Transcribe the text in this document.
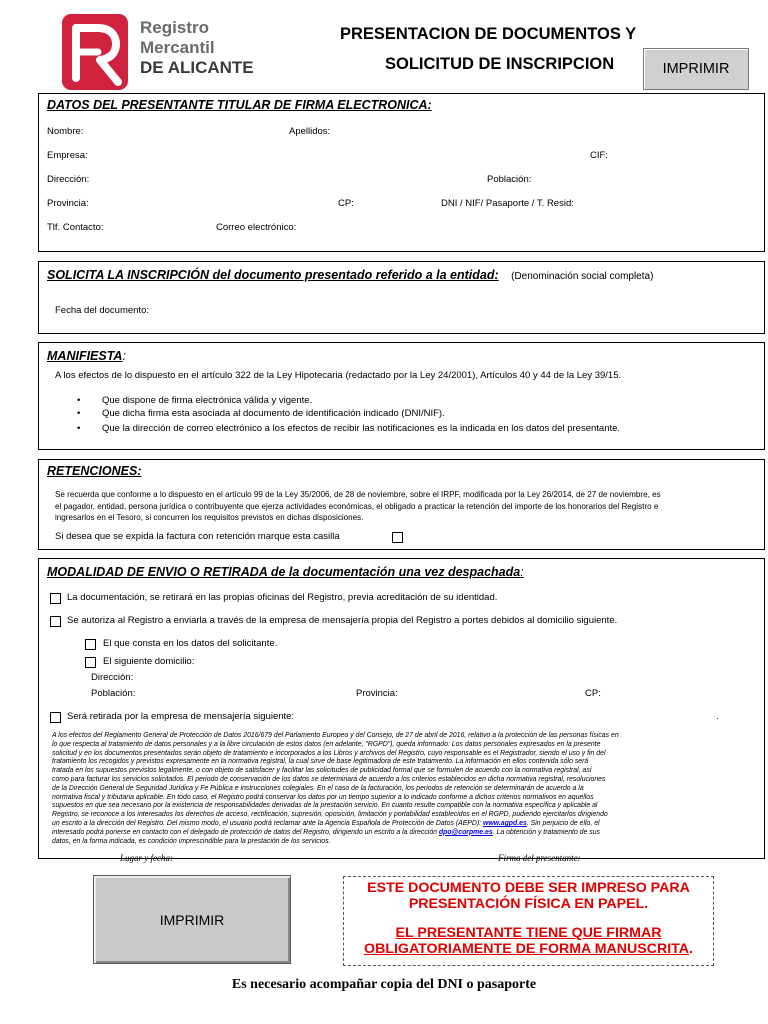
Registro
Mercantil
DE ALICANTE
PRESENTACION DE DOCUMENTOS Y
SOLICITUD DE INSCRIPCION	IMPRIMIR
DATOS DEL PRESENTANTE TITULAR DE FIRMA ELECTRONICA:
Nombre:	Apellidos:
Empresa:	CIF:
Dirección:	Población:
Provincia:	CP:	DNI / NIF/ Pasaporte / T. Resid:
Tlf. Contacto:	Correo electrónico:
SOLICITA LA INSCRIPCIÓN del documento presentado referido a la entidad: (Denominación social completa)
Fecha del documento:
MANIFIESTA:
A los efectos de lo dispuesto en el artículo 322 de la Ley Hipotecaria (redactado por la Ley 24/2001), Artículos 40 y 44 de la Ley 39/15.
• Que dispone de firma electrónica válida y vigente.
• Que dicha firma esta asociada al documento de identificación indicado (DNI/NIF).
• Que la dirección de correo electrónico a los efectos de recibir las notificaciones es la indicada en los datos del presentante.
RETENCIONES:
Se recuerda que conforme a lo dispuesto en el artículo 99 de la Ley 35/2006, de 28 de noviembre, sobre el IRPF, modificada por la Ley 26/2014, de 27 de noviembre, es
el pagador, entidad, persona jurídica o contribuyente que ejerza actividades económicas, el obligado a practicar la retención del importe de los honorarios del Registro e
ingresarlos en el Tesoro, si concurren los requisitos previstos en dichas disposiciones.
Si desea que se expida la factura con retención marque esta casilla
MODALIDAD DE ENVIO O RETIRADA de la documentación una vez despachada:
La documentación, se retirará en las propias oficinas del Registro, previa acreditación de su identidad.
Se autoriza al Registro a enviarla a través de la empresa de mensajería propia del Registro a portes debidos al domicilio siguiente.
El que consta en los datos del solicitante.
El siguiente domicilio:
Dirección:
Población:	Provincia:	CP:
Será retirada por la empresa de mensajería siguiente:	.
A los efectos del Reglamento General de Protección de Datos 2016/679 del Parlamento Europeo y del Consejo, de 27 de abril de 2016, relativo a la protección de las personas físicas en
lo que respecta al tratamiento de datos personales y a la libre circulación de estos datos (en adelante, "RGPD"), queda informado: Los datos personales expresados en la presente
solicitud y en los documentos presentados serán objeto de tratamiento e incorporados a los Libros y archivos del Registro, cuyo responsable es el Registrador, siendo el uso y fin del
tratamiento los recogidos y previstos expresamente en la normativa registral, la cual sirve de base legitimadora de este tratamiento. La información en ellos contenida sólo será
tratada en los supuestos previstos legalmente, o con objeto de satisfacer y facilitar las solicitudes de publicidad formal que se formulen de acuerdo con la normativa registral, así
como para facturar los servicios solicitados. El periodo de conservación de los datos se determinará de acuerdo a los criterios establecidos en dicha normativa registral, resoluciones
de la Dirección General de Seguridad Jurídica y Fe Pública e instrucciones colegiales. En el caso de la facturación, los periodos de retención se determinarán de acuerdo a la
normativa fiscal y tributaria aplicable. En todo caso, el Registro podrá conservar los datos por un tiempo superior a lo indicado conforme a dichos criterios normativos en aquellos
supuestos en que sea necesario por la existencia de responsabilidades derivadas de la prestación servicio. En cuanto resulte compatible con la normativa específica y aplicable al
Registro, se reconoce a los interesados los derechos de acceso, rectificación, supresión, oposición, limitación y portabilidad establecidos en el RGPD, pudiendo ejercitarlos dirigiendo
un escrito a la dirección del Registro. Del mismo modo, el usuario podrá reclamar ante la Agencia Española de Protección de Datos (AEPD): www.agpd.es. Sin perjuicio de ello, el
interesado podrá ponerse en contacto con el delegado de protección de datos del Registro, dirigiendo un escrito a la dirección dpo@corpme.es. La obtención y tratamiento de sus
datos, en la forma indicada, es condición imprescindible para la prestación de los servicios.
Lugar y fecha:	Firma del presentante:
IMPRIMIR
ESTE DOCUMENTO DEBE SER IMPRESO PARA
PRESENTACIÓN FÍSICA EN PAPEL.
EL PRESENTANTE TIENE QUE FIRMAR
OBLIGATORIAMENTE DE FORMA MANUSCRITA.
Es necesario acompañar copia del DNI o pasaporte
